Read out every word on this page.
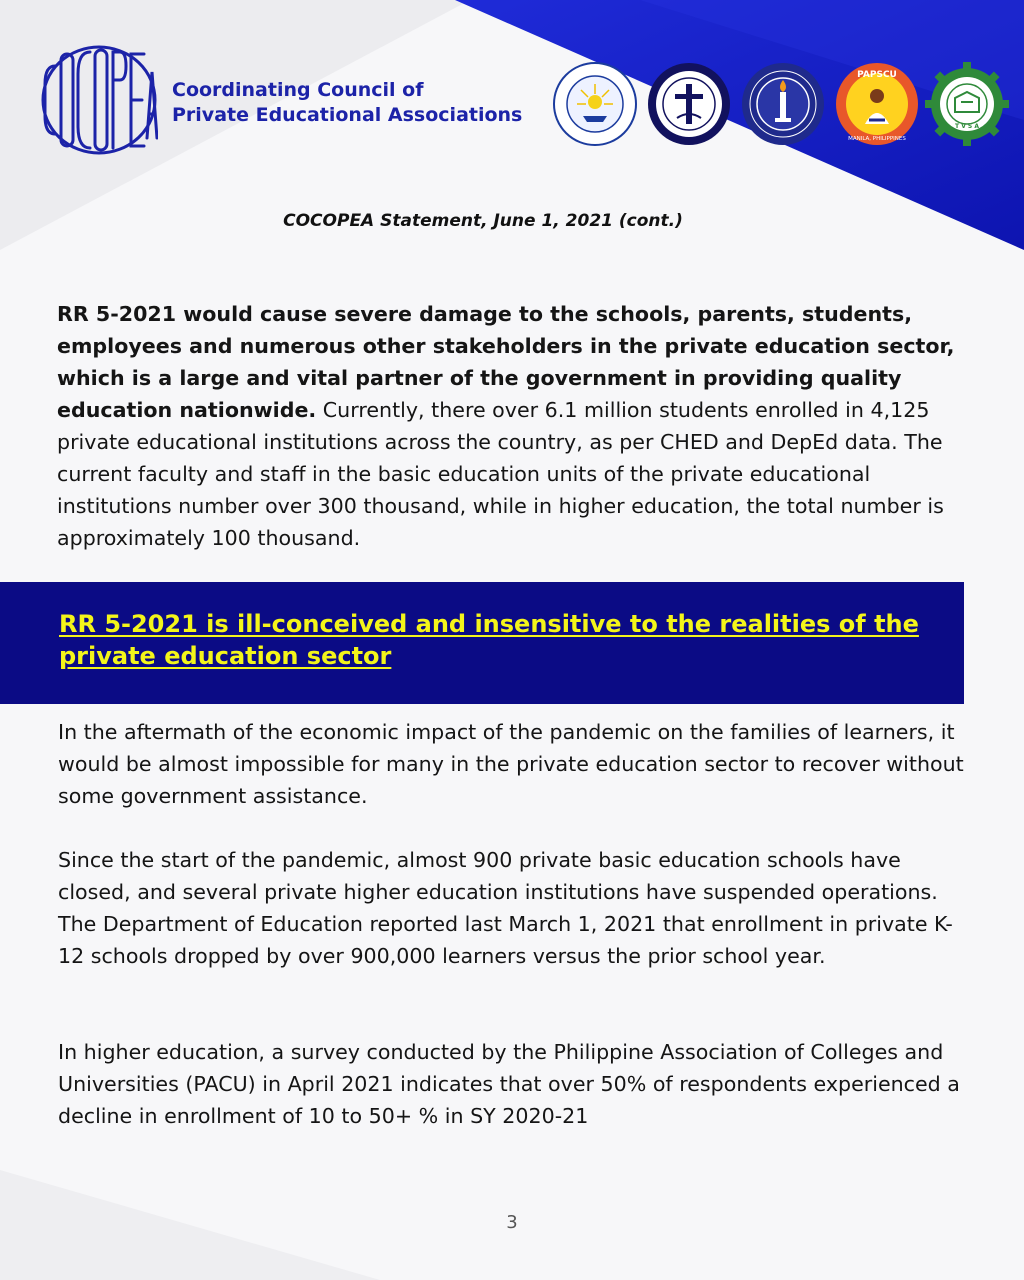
Coordinating Council of
Private Educational Associations
PAPSCU
MANILA, PHILIPPINES
T V S A
COCOPEA Statement, June 1, 2021 (cont.)
RR 5-2021 would cause severe damage to the schools, parents, students, employees and numerous other stakeholders in the private education sector, which is a large and vital partner of the government in providing quality education nationwide. Currently, there over 6.1 million students enrolled in 4,125 private educational institutions across the country, as per CHED and DepEd data. The current faculty and staff in the basic education units of the private educational institutions number over 300 thousand, while in higher education, the total number is approximately 100 thousand.
RR 5-2021 is ill-conceived and insensitive to the realities of the private education sector
In the aftermath of the economic impact of the pandemic on the families of learners, it would be almost impossible for many in the private education sector to recover without some government assistance.
Since the start of the pandemic, almost 900 private basic education schools have closed, and several private higher education institutions have suspended operations. The Department of Education reported last March 1, 2021 that enrollment in private K-12 schools dropped by over 900,000 learners versus the prior school year.
In higher education, a survey conducted by the Philippine Association of Colleges and Universities (PACU) in April 2021 indicates that over 50% of respondents experienced a decline in enrollment of 10 to 50+ % in SY 2020-21
3
